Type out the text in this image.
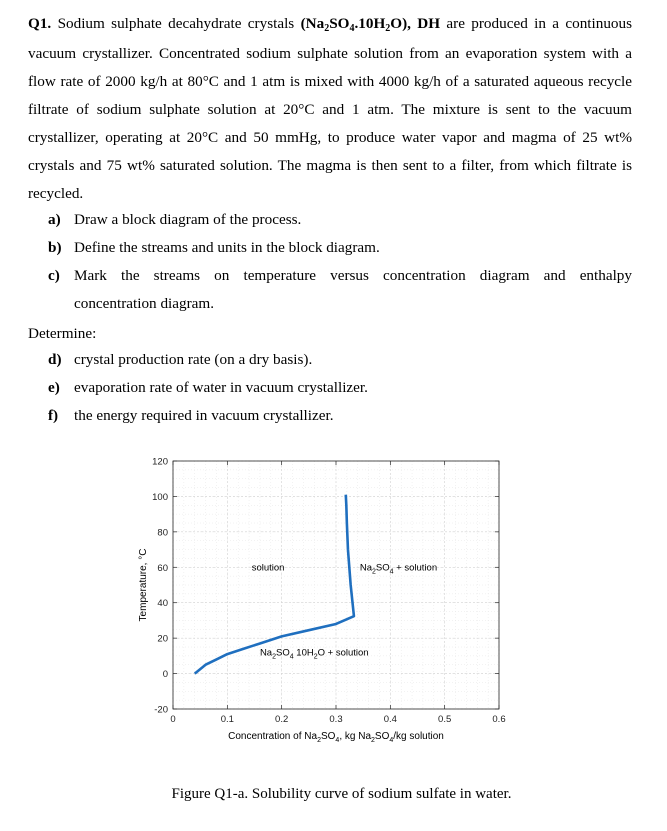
Q1. Sodium sulphate decahydrate crystals (Na2SO4.10H2O), DH are produced in a continuous vacuum crystallizer. Concentrated sodium sulphate solution from an evaporation system with a flow rate of 2000 kg/h at 80°C and 1 atm is mixed with 4000 kg/h of a saturated aqueous recycle filtrate of sodium sulphate solution at 20°C and 1 atm. The mixture is sent to the vacuum crystallizer, operating at 20°C and 50 mmHg, to produce water vapor and magma of 25 wt% crystals and 75 wt% saturated solution. The magma is then sent to a filter, from which filtrate is recycled.
a) Draw a block diagram of the process.
b) Define the streams and units in the block diagram.
c) Mark the streams on temperature versus concentration diagram and enthalpy
concentration diagram.
Determine:
d) crystal production rate (on a dry basis).
e) evaporation rate of water in vacuum crystallizer.
f) the energy required in vacuum crystallizer.
0	0.1	0.2	0.3	0.4	0.5	0.6
-20
0
20
40
60
80
100
120
Concentration of $Na_2SO_4$, kg $Na_2SO_4/kg$ solution
Temperature, °C	solution	$Na_2SO_4$ + solution
$Na_2SO_4$ $10H_2O$ + solution
Figure Q1-a. Solubility curve of sodium sulfate in water.
